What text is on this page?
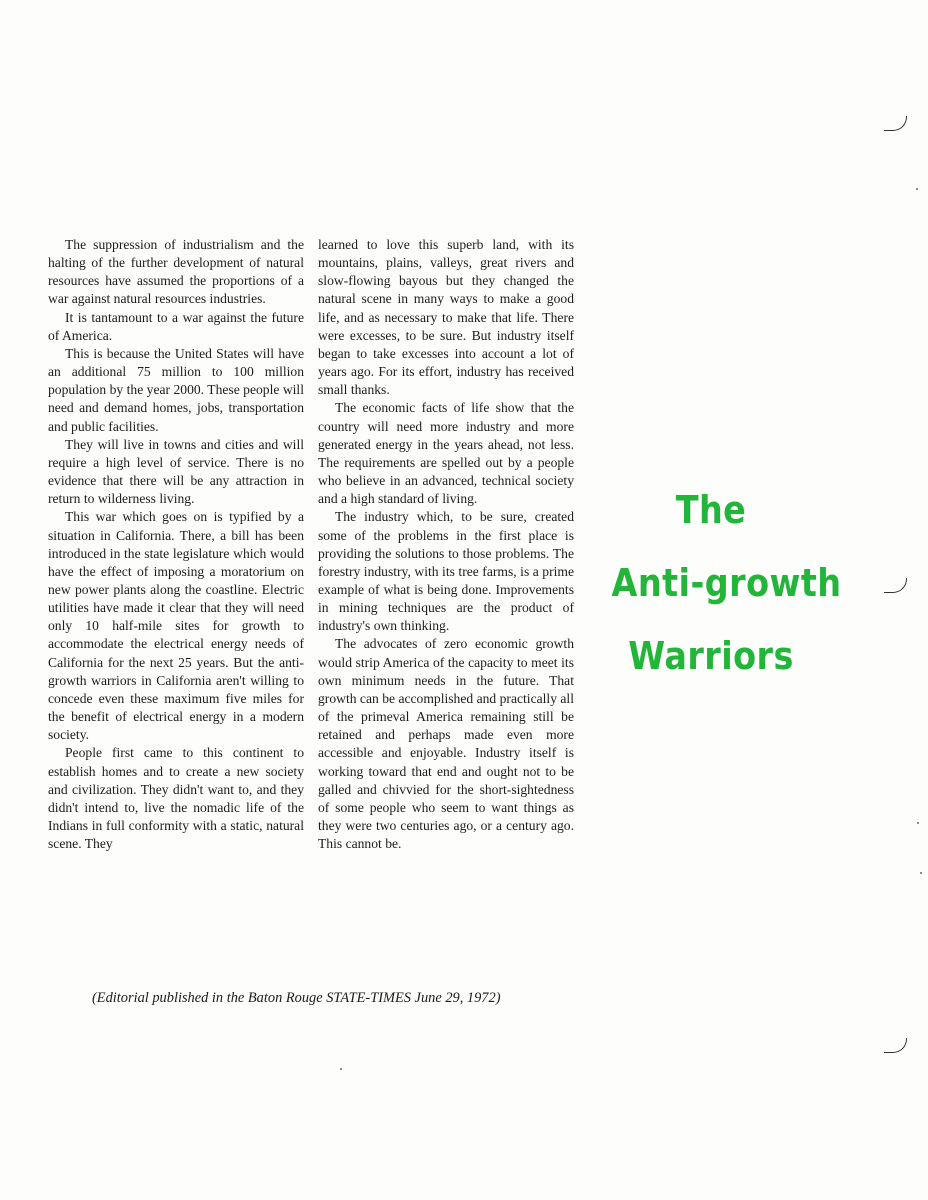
The suppression of industrialism and the halting of the further development of natural resources have assumed the proportions of a war against natural resources industries.

It is tantamount to a war against the future of America.

This is because the United States will have an additional 75 million to 100 million population by the year 2000. These people will need and demand homes, jobs, transportation and public facilities.

They will live in towns and cities and will require a high level of service. There is no evidence that there will be any attraction in return to wilderness living.

This war which goes on is typified by a situation in California. There, a bill has been introduced in the state legislature which would have the effect of imposing a moratorium on new power plants along the coastline. Electric utilities have made it clear that they will need only 10 half-mile sites for growth to accommodate the electrical energy needs of California for the next 25 years. But the anti-growth warriors in California aren't willing to concede even these maximum five miles for the benefit of electrical energy in a modern society.

People first came to this continent to establish homes and to create a new society and civilization. They didn't want to, and they didn't intend to, live the nomadic life of the Indians in full conformity with a static, natural scene. They

learned to love this superb land, with its mountains, plains, valleys, great rivers and slow-flowing bayous but they changed the natural scene in many ways to make a good life, and as necessary to make that life. There were excesses, to be sure. But industry itself began to take excesses into account a lot of years ago. For its effort, industry has received small thanks.

The economic facts of life show that the country will need more industry and more generated energy in the years ahead, not less. The requirements are spelled out by a people who believe in an advanced, technical society and a high standard of living.

The industry which, to be sure, created some of the problems in the first place is providing the solutions to those problems. The forestry industry, with its tree farms, is a prime example of what is being done. Improvements in mining techniques are the product of industry's own thinking.

The advocates of zero economic growth would strip America of the capacity to meet its own minimum needs in the future. That growth can be accomplished and practically all of the primeval America remaining still be retained and perhaps made even more accessible and enjoyable. Industry itself is working toward that end and ought not to be galled and chivvied for the short-sightedness of some people who seem to want things as they were two centuries ago, or a century ago. This cannot be.

The
Anti-growth
Warriors
(Editorial published in the Baton Rouge STATE-TIMES June 29, 1972)
